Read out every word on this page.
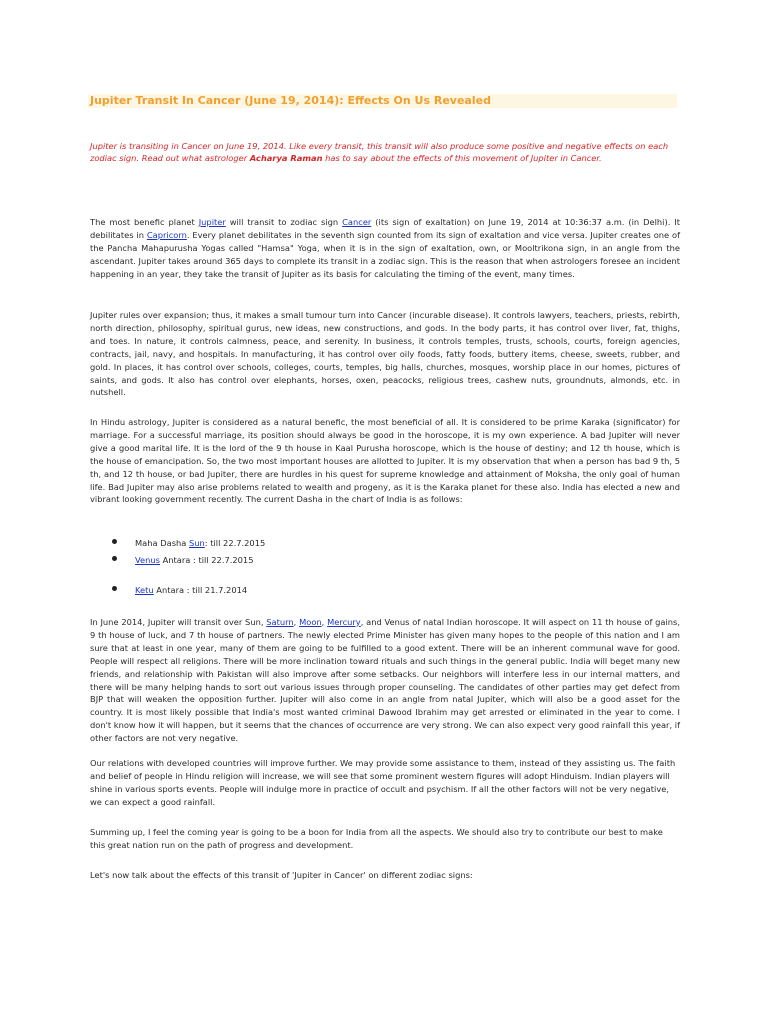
Jupiter Transit In Cancer (June 19, 2014): Effects On Us Revealed
Jupiter is transiting in Cancer on June 19, 2014. Like every transit, this transit will also produce some positive and negative effects on each zodiac sign. Read out what astrologer Acharya Raman has to say about the effects of this movement of Jupiter in Cancer.
The most benefic planet Jupiter will transit to zodiac sign Cancer (its sign of exaltation) on June 19, 2014 at 10:36:37 a.m. (in Delhi). It debilitates in Capricorn. Every planet debilitates in the seventh sign counted from its sign of exaltation and vice versa. Jupiter creates one of the Pancha Mahapurusha Yogas called "Hamsa" Yoga, when it is in the sign of exaltation, own, or Mooltrikona sign, in an angle from the ascendant. Jupiter takes around 365 days to complete its transit in a zodiac sign. This is the reason that when astrologers foresee an incident happening in an year, they take the transit of Jupiter as its basis for calculating the timing of the event, many times.
Jupiter rules over expansion; thus, it makes a small tumour turn into Cancer (incurable disease). It controls lawyers, teachers, priests, rebirth, north direction, philosophy, spiritual gurus, new ideas, new constructions, and gods. In the body parts, it has control over liver, fat, thighs, and toes. In nature, it controls calmness, peace, and serenity. In business, it controls temples, trusts, schools, courts, foreign agencies, contracts, jail, navy, and hospitals. In manufacturing, it has control over oily foods, fatty foods, buttery items, cheese, sweets, rubber, and gold. In places, it has control over schools, colleges, courts, temples, big halls, churches, mosques, worship place in our homes, pictures of saints, and gods. It also has control over elephants, horses, oxen, peacocks, religious trees, cashew nuts, groundnuts, almonds, etc. in nutshell.
In Hindu astrology, Jupiter is considered as a natural benefic, the most beneficial of all. It is considered to be prime Karaka (significator) for marriage. For a successful marriage, its position should always be good in the horoscope, it is my own experience. A bad Jupiter will never give a good marital life. It is the lord of the 9 th house in Kaal Purusha horoscope, which is the house of destiny; and 12 th house, which is the house of emancipation. So, the two most important houses are allotted to Jupiter. It is my observation that when a person has bad 9 th, 5 th, and 12 th house, or bad Jupiter, there are hurdles in his quest for supreme knowledge and attainment of Moksha, the only goal of human life. Bad Jupiter may also arise problems related to wealth and progeny, as it is the Karaka planet for these also. India has elected a new and vibrant looking government recently. The current Dasha in the chart of India is as follows:
Maha Dasha Sun: till 22.7.2015
Venus Antara : till 22.7.2015
Ketu Antara : till 21.7.2014
In June 2014, Jupiter will transit over Sun, Saturn, Moon, Mercury, and Venus of natal Indian horoscope. It will aspect on 11 th house of gains, 9 th house of luck, and 7 th house of partners. The newly elected Prime Minister has given many hopes to the people of this nation and I am sure that at least in one year, many of them are going to be fulfilled to a good extent. There will be an inherent communal wave for good. People will respect all religions. There will be more inclination toward rituals and such things in the general public. India will beget many new friends, and relationship with Pakistan will also improve after some setbacks. Our neighbors will interfere less in our internal matters, and there will be many helping hands to sort out various issues through proper counseling. The candidates of other parties may get defect from BJP that will weaken the opposition further. Jupiter will also come in an angle from natal Jupiter, which will also be a good asset for the country. It is most likely possible that India's most wanted criminal Dawood Ibrahim may get arrested or eliminated in the year to come. I don't know how it will happen, but it seems that the chances of occurrence are very strong. We can also expect very good rainfall this year, if other factors are not very negative.
Our relations with developed countries will improve further. We may provide some assistance to them, instead of they assisting us. The faith and belief of people in Hindu religion will increase, we will see that some prominent western figures will adopt Hinduism. Indian players will shine in various sports events. People will indulge more in practice of occult and psychism. If all the other factors will not be very negative, we can expect a good rainfall.
Summing up, I feel the coming year is going to be a boon for India from all the aspects. We should also try to contribute our best to make this great nation run on the path of progress and development.
Let's now talk about the effects of this transit of 'Jupiter in Cancer' on different zodiac signs:
